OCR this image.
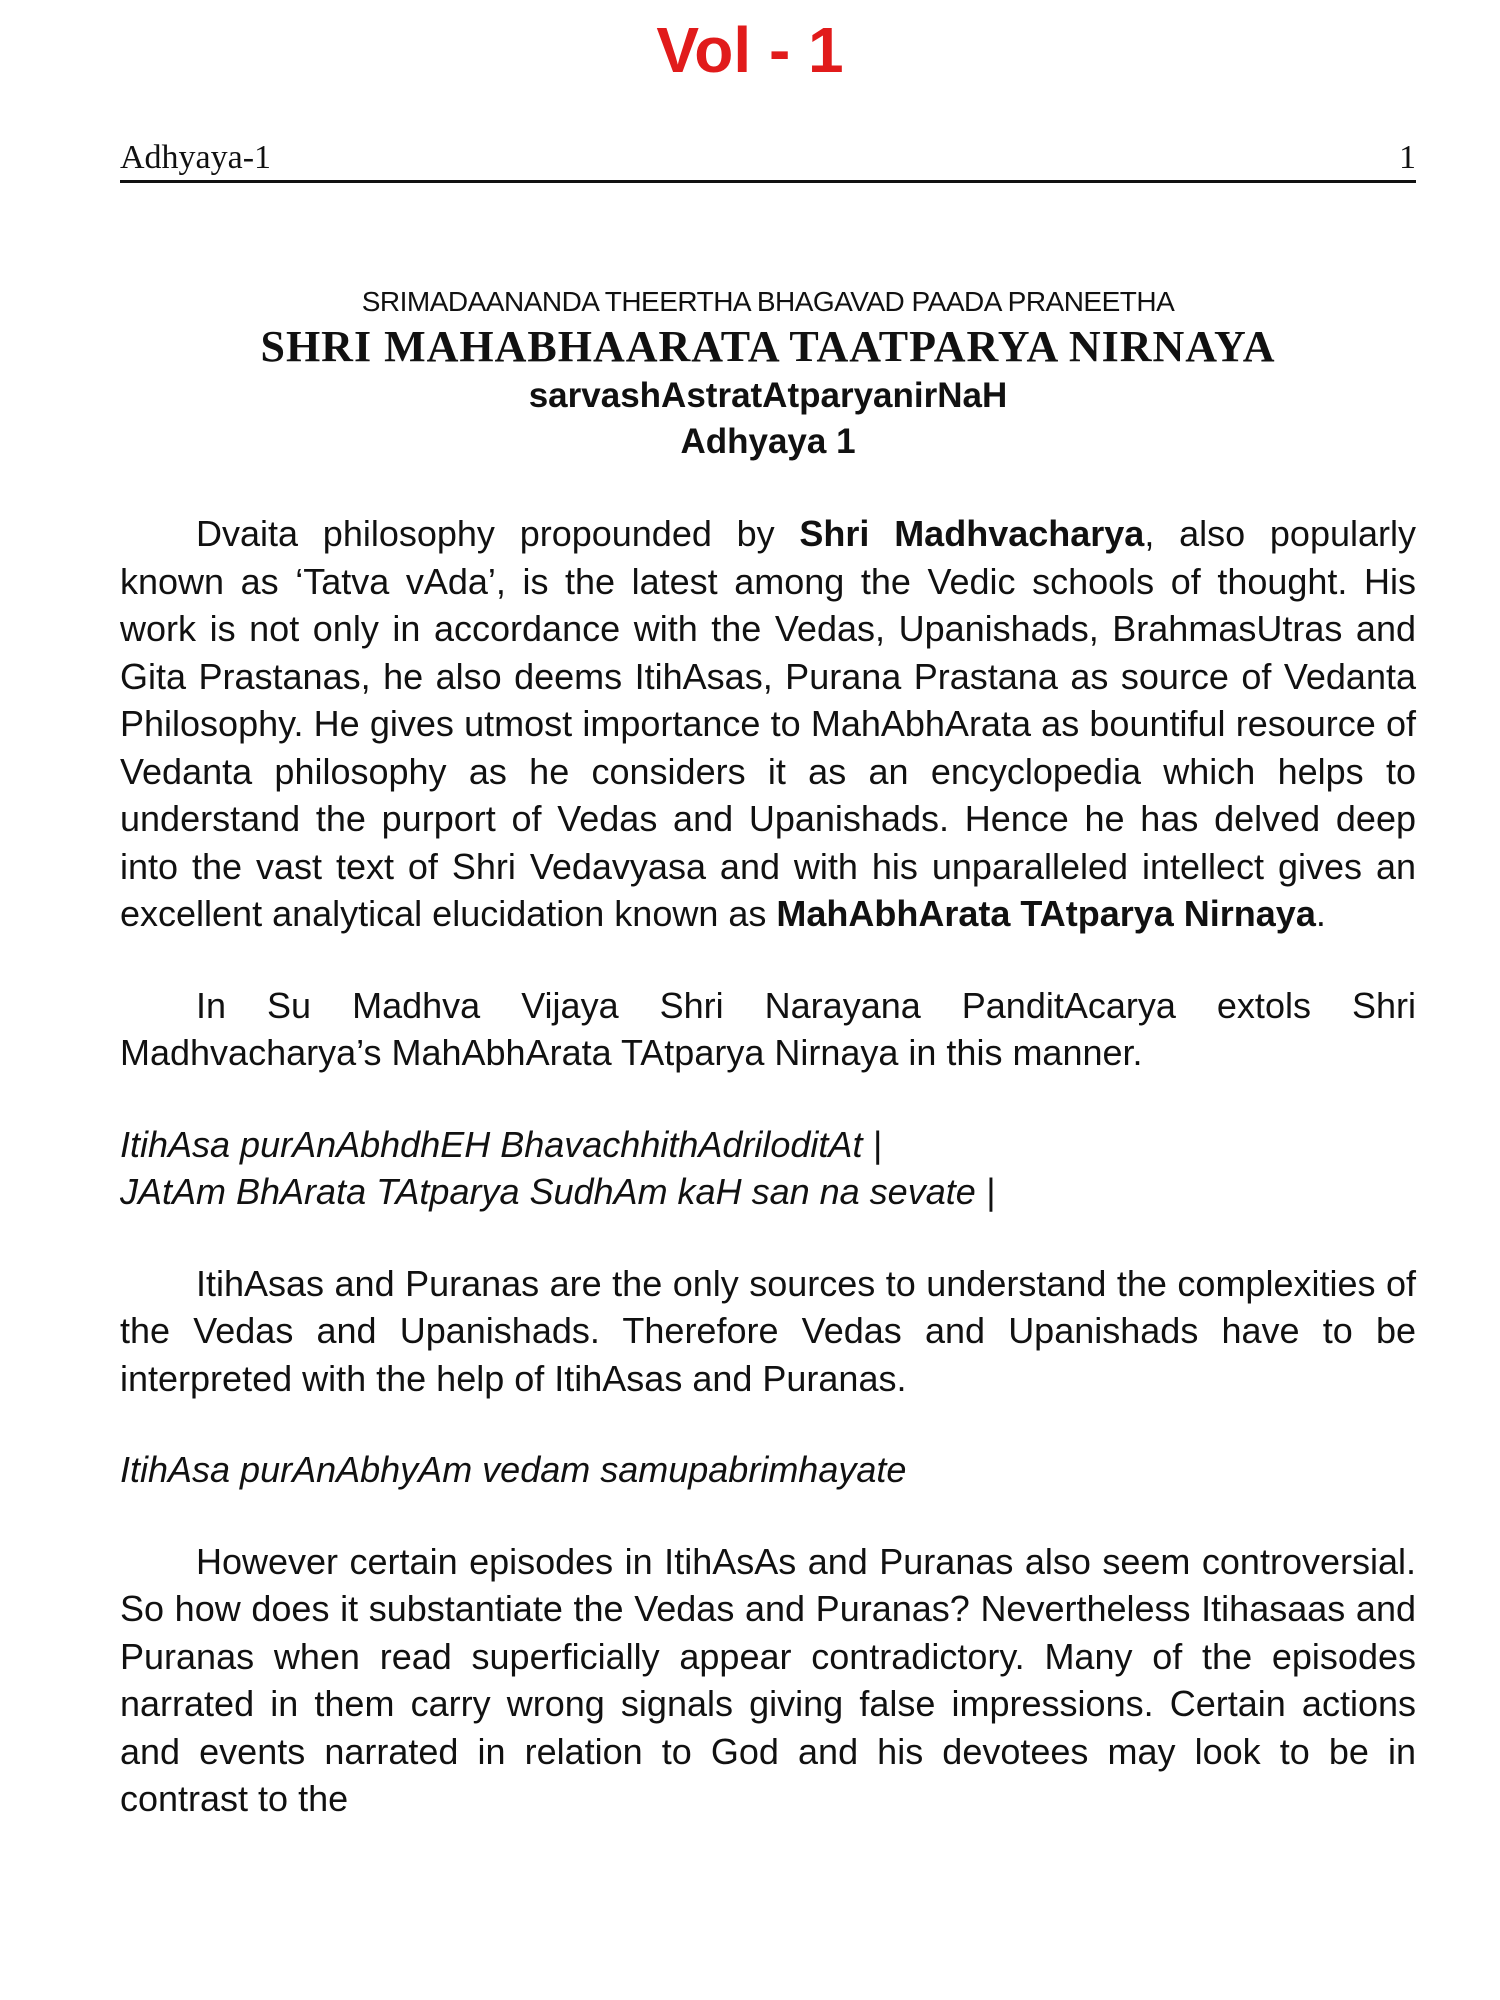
Vol - 1
Adhyaya-1	1
SRIMADAANANDA THEERTHA BHAGAVAD PAADA PRANEETHA
SHRI MAHABHAARATA TAATPARYA NIRNAYA
sarvashAstratAtparyanirNaH
Adhyaya 1

Dvaita philosophy propounded by Shri Madhvacharya, also popularly known as ‘Tatva vAda’, is the latest among the Vedic schools of thought. His work is not only in accordance with the Vedas, Upanishads, BrahmasUtras and Gita Prastanas, he also deems ItihAsas, Purana Prastana as source of Vedanta Philosophy. He gives utmost importance to MahAbhArata as bountiful resource of Vedanta philosophy as he considers it as an encyclopedia which helps to understand the purport of Vedas and Upanishads. Hence he has delved deep into the vast text of Shri Vedavyasa and with his unparalleled intellect gives an excellent analytical elucidation known as MahAbhArata TAtparya Nirnaya.

In Su Madhva Vijaya Shri Narayana PanditAcarya extols Shri Madhvacharya’s MahAbhArata TAtparya Nirnaya in this manner.

ItihAsa purAnAbhdhEH BhavachhithAdriloditAt |

JAtAm BhArata TAtparya SudhAm kaH san na sevate |

ItihAsas and Puranas are the only sources to understand the complexities of the Vedas and Upanishads. Therefore Vedas and Upanishads have to be interpreted with the help of ItihAsas and Puranas.

ItihAsa purAnAbhyAm vedam samupabrimhayate

However certain episodes in ItihAsAs and Puranas also seem controversial. So how does it substantiate the Vedas and Puranas? Nevertheless Itihasaas and Puranas when read superficially appear contradictory. Many of the episodes narrated in them carry wrong signals giving false impressions. Certain actions and events narrated in relation to God and his devotees may look to be in contrast to the
